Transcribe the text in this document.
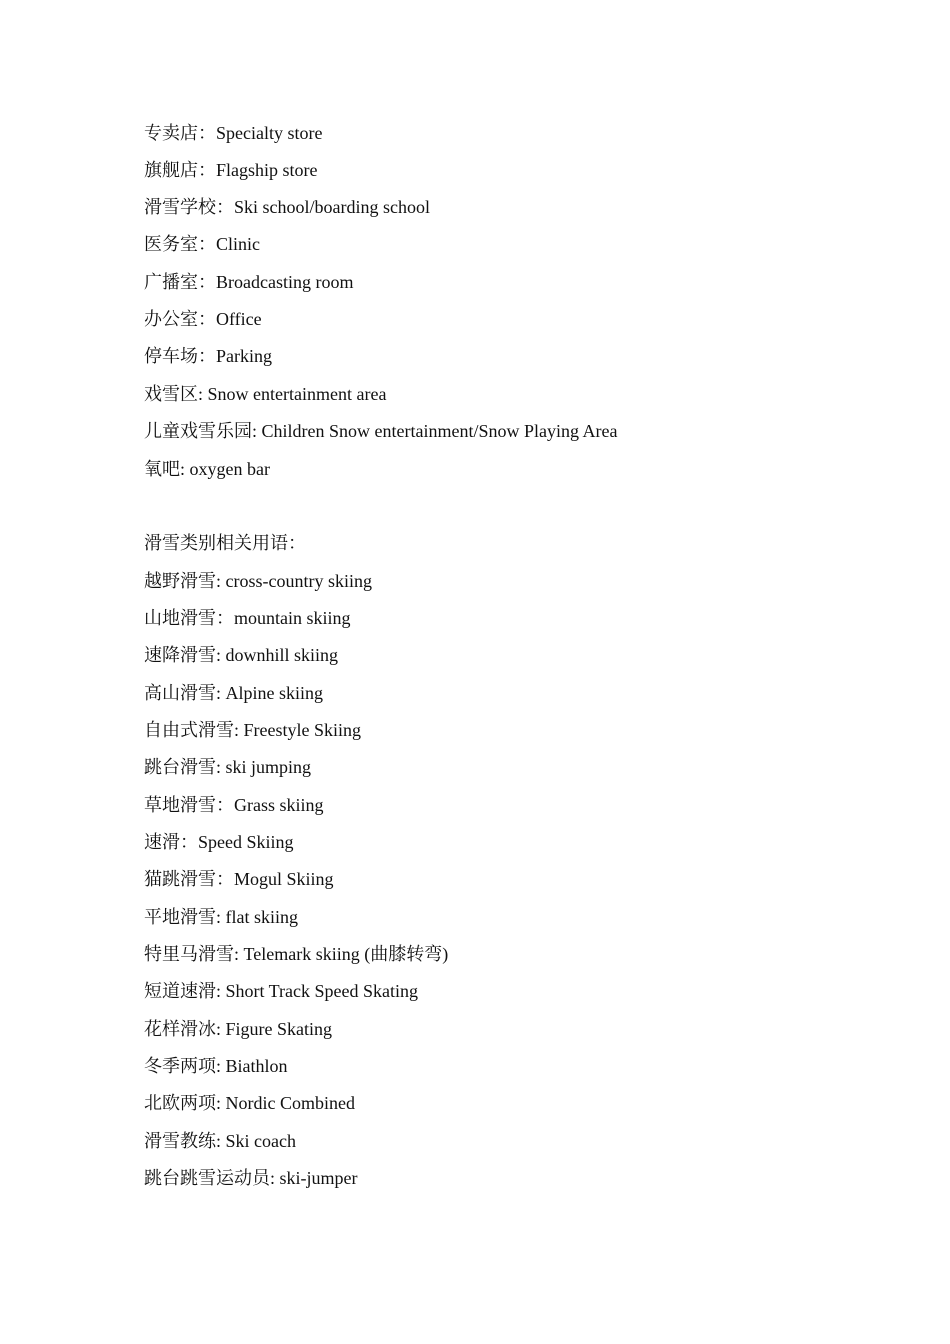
专卖店：Specialty store
旗舰店：Flagship store
滑雪学校：Ski school/boarding school
医务室：Clinic
广播室：Broadcasting room
办公室：Office
停车场：Parking
戏雪区: Snow entertainment area
儿童戏雪乐园: Children Snow entertainment/Snow Playing Area
氧吧: oxygen bar
滑雪类别相关用语：
越野滑雪: cross-country skiing
山地滑雪：mountain skiing
速降滑雪: downhill skiing
高山滑雪: Alpine skiing
自由式滑雪: Freestyle Skiing
跳台滑雪: ski jumping
草地滑雪：Grass skiing
速滑：Speed Skiing
猫跳滑雪：Mogul Skiing
平地滑雪: flat skiing
特里马滑雪: Telemark skiing (曲膝转弯)
短道速滑: Short Track Speed Skating
花样滑冰: Figure Skating
冬季两项: Biathlon
北欧两项: Nordic Combined
滑雪教练: Ski coach
跳台跳雪运动员: ski-jumper
